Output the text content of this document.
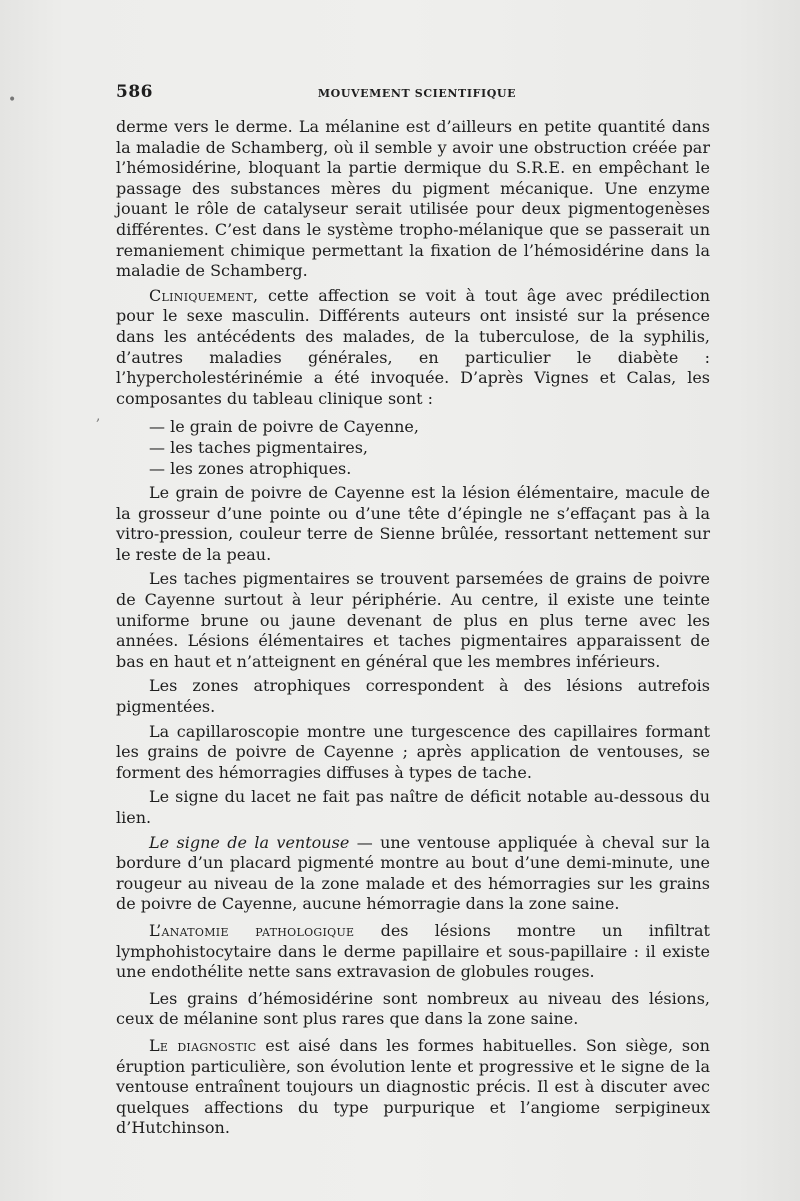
586	MOUVEMENT SCIENTIFIQUE

derme vers le derme. La mélanine est d’ailleurs en petite quantité dans la maladie de Schamberg, où il semble y avoir une obstruction créée par l’hémosidérine, bloquant la partie dermique du S.R.E. en empêchant le passage des substances mères du pigment mécanique. Une enzyme jouant le rôle de catalyseur serait utilisée pour deux pigmentogenèses différentes. C’est dans le système tropho-mélanique que se passerait un remaniement chimique permettant la fixation de l’hémosidérine dans la maladie de Schamberg.

Cliniquement, cette affection se voit à tout âge avec prédilection pour le sexe masculin. Différents auteurs ont insisté sur la présence dans les antécédents des malades, de la tuberculose, de la syphilis, d’autres maladies générales, en particulier le diabète : l’hypercholestérinémie a été invoquée. D’après Vignes et Calas, les composantes du tableau clinique sont :

— le grain de poivre de Cayenne,

— les taches pigmentaires,

— les zones atrophiques.

Le grain de poivre de Cayenne est la lésion élémentaire, macule de la grosseur d’une pointe ou d’une tête d’épingle ne s’effaçant pas à la vitro-pression, couleur terre de Sienne brûlée, ressortant nettement sur le reste de la peau.

Les taches pigmentaires se trouvent parsemées de grains de poivre de Cayenne surtout à leur périphérie. Au centre, il existe une teinte uniforme brune ou jaune devenant de plus en plus terne avec les années. Lésions élémentaires et taches pigmentaires apparaissent de bas en haut et n’atteignent en général que les membres inférieurs.

Les zones atrophiques correspondent à des lésions autrefois pigmentées.

La capillaroscopie montre une turgescence des capillaires formant les grains de poivre de Cayenne ; après application de ventouses, se forment des hémorragies diffuses à types de tache.

Le signe du lacet ne fait pas naître de déficit notable au-dessous du lien.

Le signe de la ventouse — une ventouse appliquée à cheval sur la bordure d’un placard pigmenté montre au bout d’une demi-minute, une rougeur au niveau de la zone malade et des hémorragies sur les grains de poivre de Cayenne, aucune hémorragie dans la zone saine.

L’anatomie pathologique des lésions montre un infiltrat lymphohistocytaire dans le derme papillaire et sous-papillaire : il existe une endothélite nette sans extravasion de globules rouges.

Les grains d’hémosidérine sont nombreux au niveau des lésions, ceux de mélanine sont plus rares que dans la zone saine.

Le diagnostic est aisé dans les formes habituelles. Son siège, son éruption particulière, son évolution lente et progressive et le signe de la ventouse entraînent toujours un diagnostic précis. Il est à discuter avec quelques affections du type purpurique et l’angiome serpigineux d’Hutchinson.

•
,
